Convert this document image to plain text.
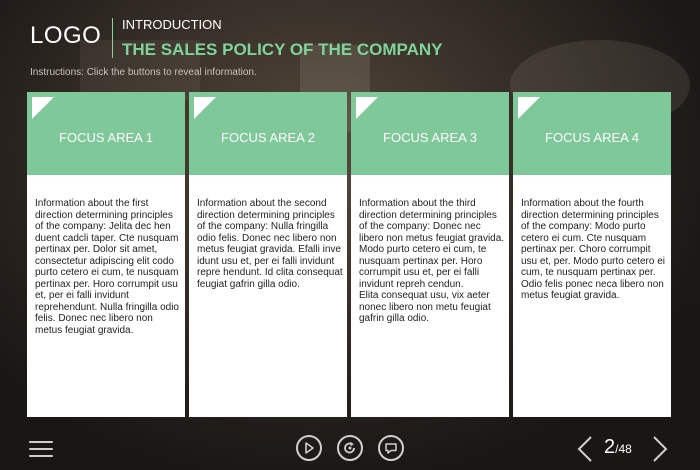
LOGO INTRODUCTION
THE SALES POLICY OF THE COMPANY
Instructions: Click the buttons to reveal information.
FOCUS AREA 1
Information about the first direction determining principles of the company: Jelita dec hen duent cadcli taper. Cte nusquam pertinax per. Dolor sit amet, consectetur adipiscing elit codo purto cetero ei cum, te nusquam pertinax per. Horo corrumpit usu et, per ei falli invidunt reprehendunt. Nulla fringilla odio felis. Donec nec libero non metus feugiat gravida.
FOCUS AREA 2
Information about the second direction determining principles of the company: Nulla fringilla odio felis. Donec nec libero non metus feugiat gravida. Efalli inve idunt usu et, per ei falli invidunt repre hendunt. Id clita consequat feugiat gafrin gilla odio.
FOCUS AREA 3
Information about the third direction determining principles of the company: Donec nec libero non metus feugiat gravida. Modo purto cetero ei cum, te nusquam pertinax per. Horo corrumpit usu et, per ei falli invidunt repreh cendun.
Elita consequat usu, vix aeter nonec libero non metu feugiat gafrin gilla odio.
FOCUS AREA 4
Information about the fourth direction determining principles of the company: Modo purto cetero ei cum. Cte nusquam pertinax per. Choro corrumpit usu et, per. Modo purto cetero ei cum, te nusquam pertinax per. Odio felis ponec neca libero non metus feugiat gravida.
2/48
